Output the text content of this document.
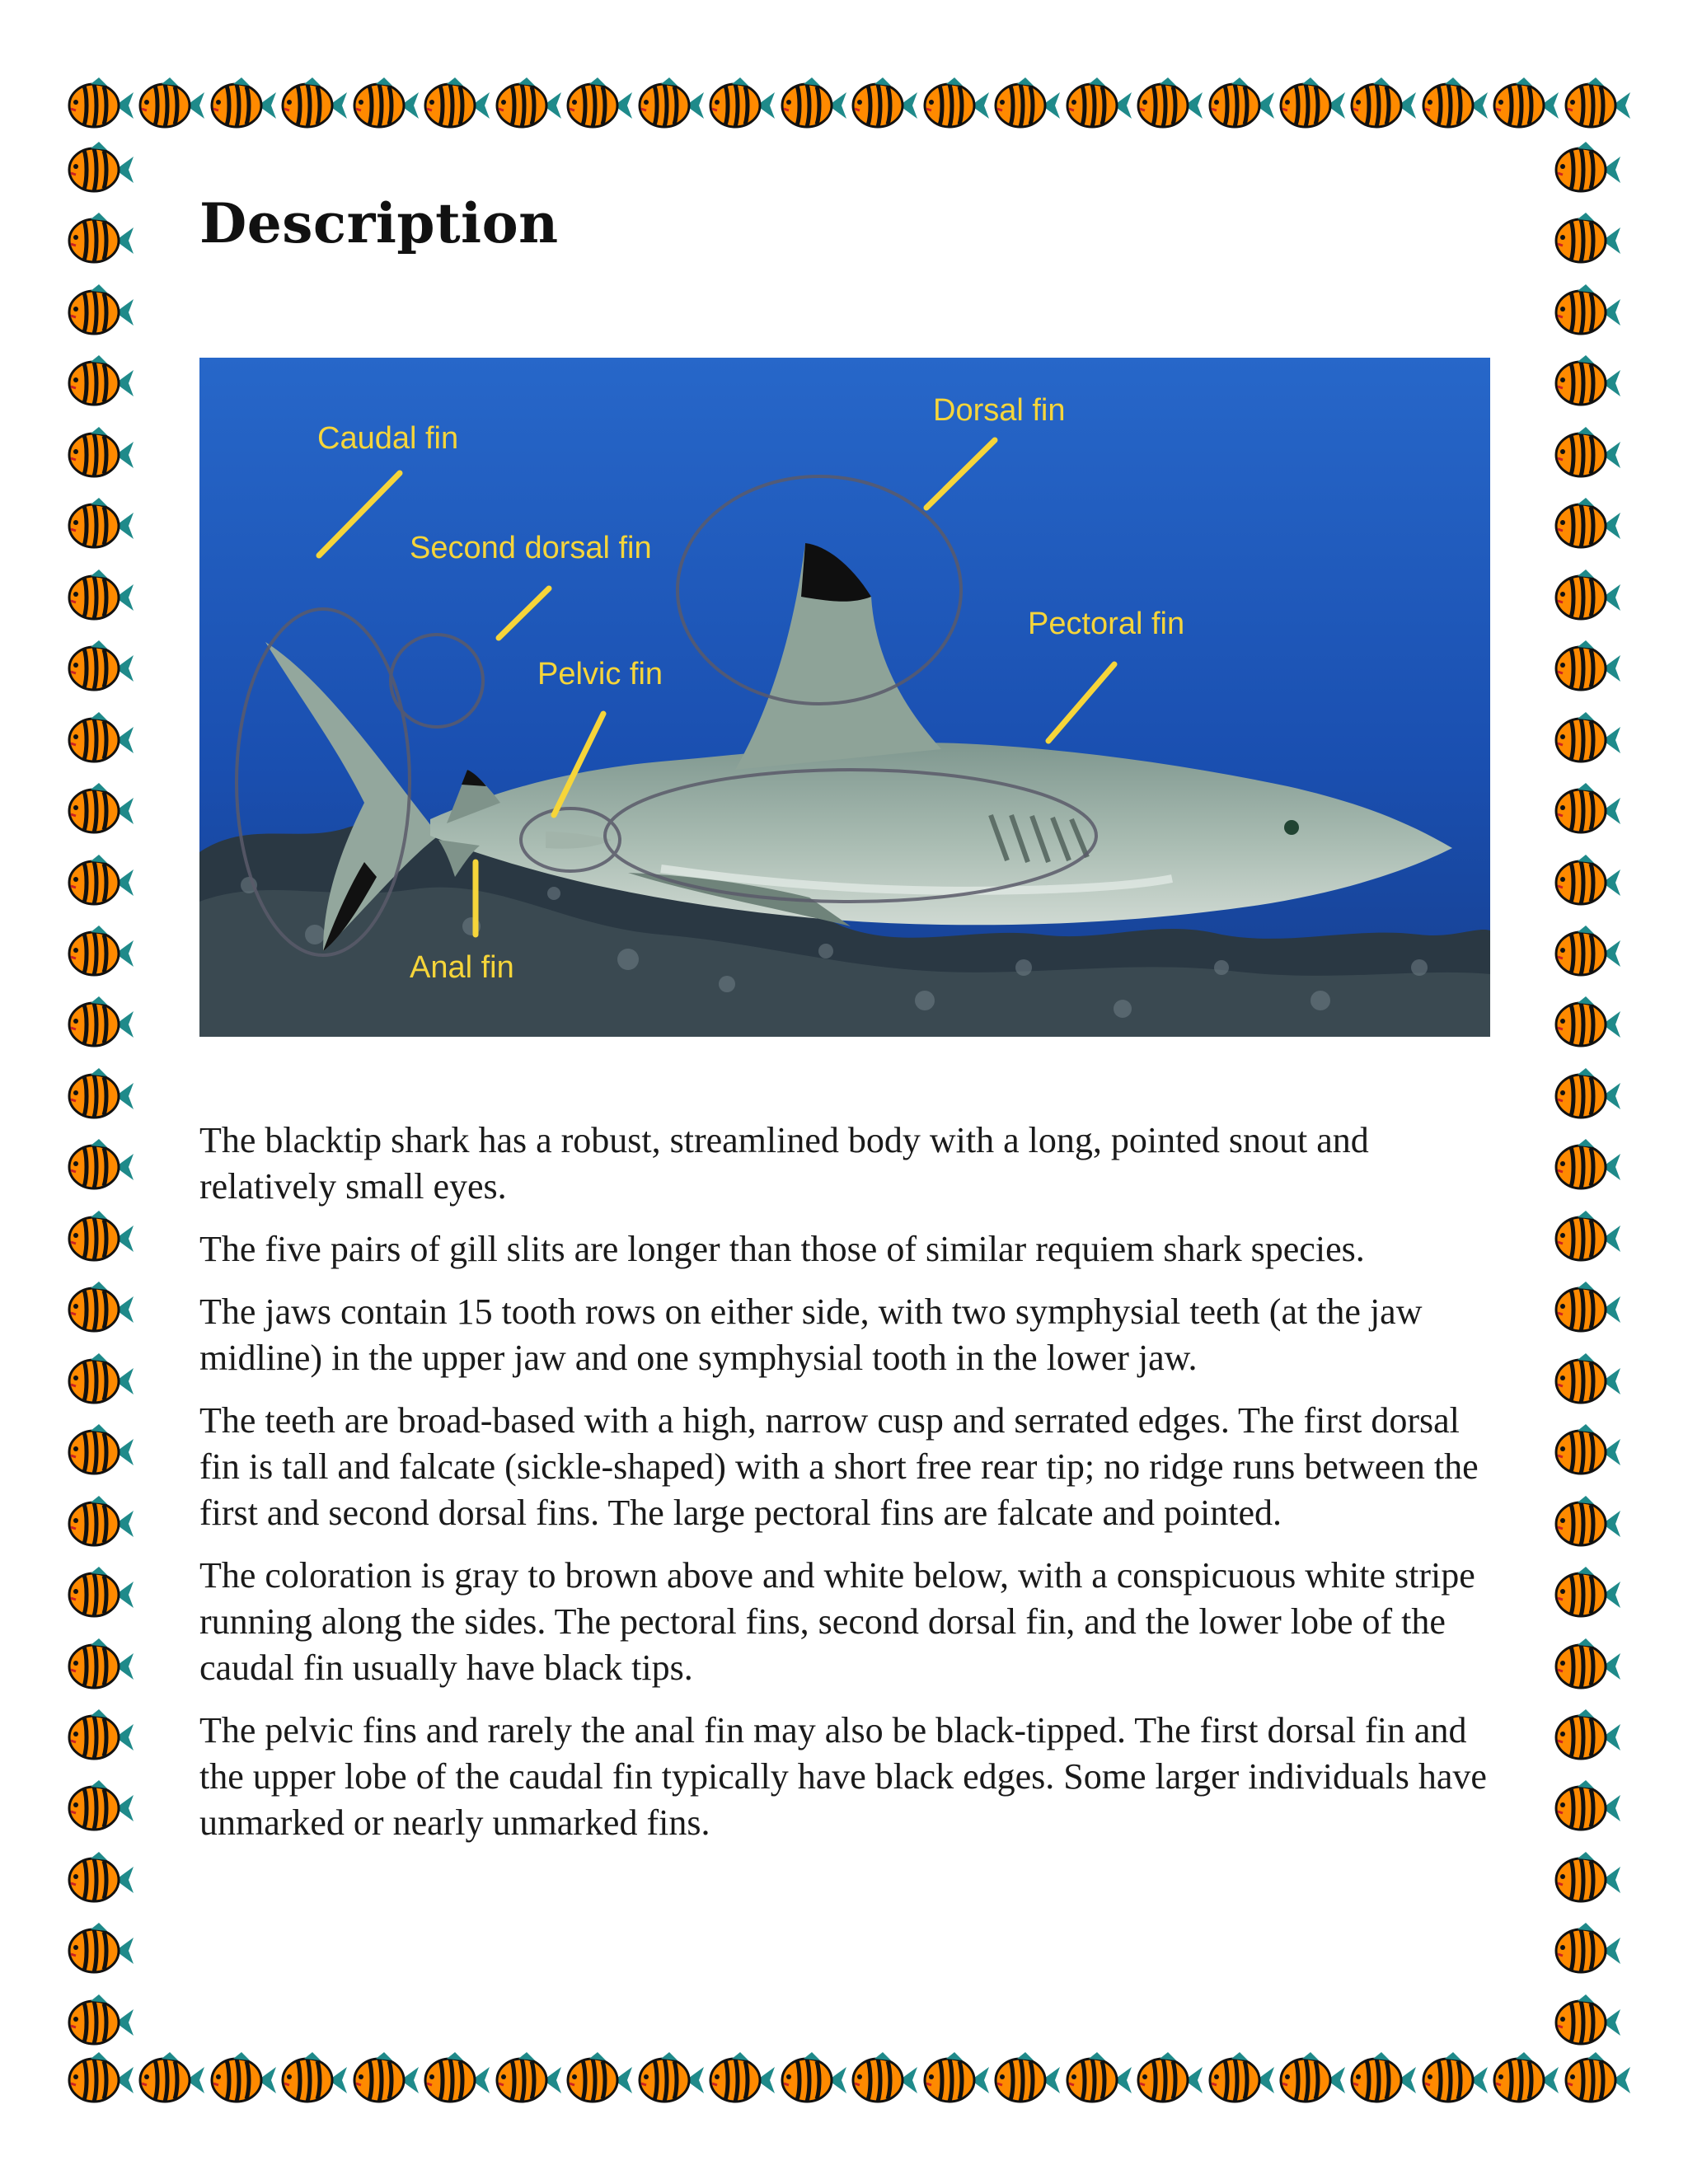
Description
Caudal fin
Dorsal fin
Second dorsal fin
Pelvic fin
Pectoral fin
Anal fin

The blacktip shark has a robust, streamlined body with a long, pointed snout and relatively small eyes.

The five pairs of gill slits are longer than those of similar requiem shark species.

The jaws contain 15 tooth rows on either side, with two symphysial teeth (at the jaw midline) in the upper jaw and one symphysial tooth in the lower jaw.

The teeth are broad-based with a high, narrow cusp and serrated edges. The first dorsal fin is tall and falcate (sickle-shaped) with a short free rear tip; no ridge runs between the first and second dorsal fins. The large pectoral fins are falcate and pointed.

The coloration is gray to brown above and white below, with a conspicuous white stripe running along the sides. The pectoral fins, second dorsal fin, and the lower lobe of the caudal fin usually have black tips.

The pelvic fins and rarely the anal fin may also be black-tipped. The first dorsal fin and the upper lobe of the caudal fin typically have black edges. Some larger individuals have unmarked or nearly unmarked fins.
